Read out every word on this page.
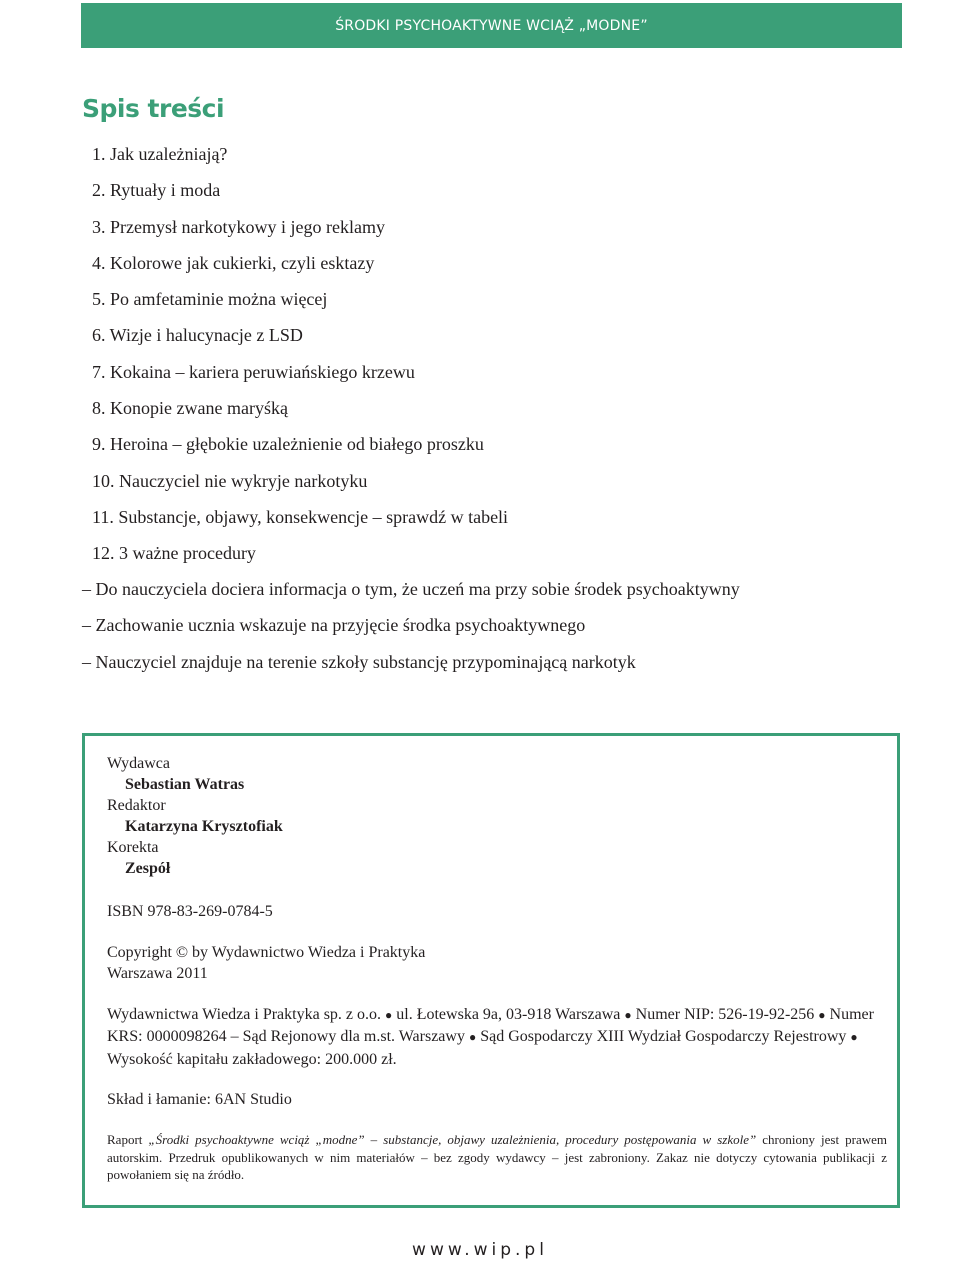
ŚRODKI PSYCHOAKTYWNE WCIĄŻ „MODNE”
Spis treści
1. Jak uzależniają?
2. Rytuały i moda
3. Przemysł narkotykowy i jego reklamy
4. Kolorowe jak cukierki, czyli esktazy
5. Po amfetaminie można więcej
6. Wizje i halucynacje z LSD
7. Kokaina – kariera peruwiańskiego krzewu
8. Konopie zwane maryśką
9. Heroina – głębokie uzależnienie od białego proszku
10. Nauczyciel nie wykryje narkotyku
11. Substancje, objawy, konsekwencje – sprawdź w tabeli
12. 3 ważne procedury
– Do nauczyciela dociera informacja o tym, że uczeń ma przy sobie środek psychoaktywny
– Zachowanie ucznia wskazuje na przyjęcie środka psychoaktywnego
– Nauczyciel znajduje na terenie szkoły substancję przypominającą narkotyk
Wydawca
Sebastian Watras
Redaktor
Katarzyna Krysztofiak
Korekta
Zespół
ISBN 978-83-269-0784-5
Copyright © by Wydawnictwo Wiedza i Praktyka
Warszawa 2011
Wydawnictwa Wiedza i Praktyka sp. z o.o. ● ul. Łotewska 9a, 03-918 Warszawa ● Numer NIP: 526-19-92-256 ● Numer KRS: 0000098264 – Sąd Rejonowy dla m.st. Warszawy ● Sąd Gospodarczy XIII Wydział Gospodarczy Rejestrowy ● Wysokość kapitału zakładowego: 200.000 zł.
Skład i łamanie: 6AN Studio
Raport „Środki psychoaktywne wciąż „modne” – substancje, objawy uzależnienia, procedury postępowania w szkole” chroniony jest prawem autorskim. Przedruk opublikowanych w nim materiałów – bez zgody wydawcy – jest zabroniony. Zakaz nie dotyczy cytowania publikacji z powołaniem się na źródło.
www.wip.pl
